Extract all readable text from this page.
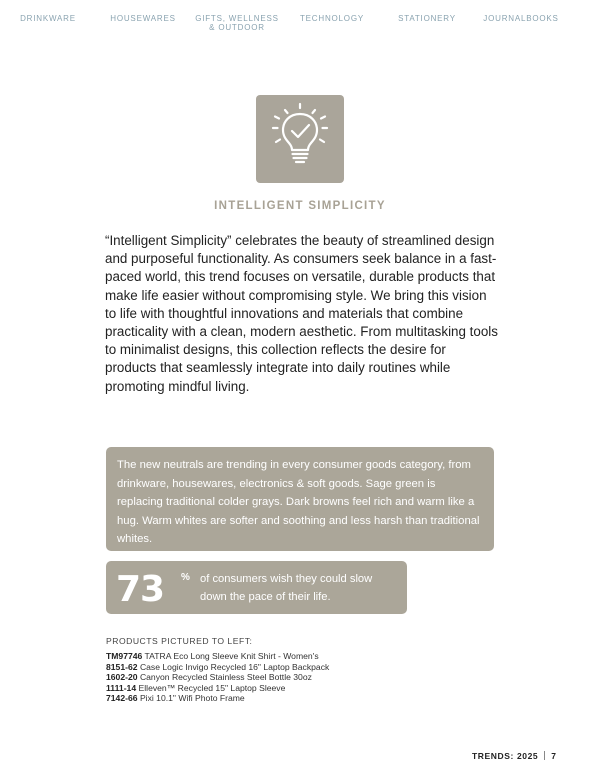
DRINKWARE	HOUSEWARES	GIFTS, WELLNESS
& OUTDOOR
TECHNOLOGY	STATIONERY	JOURNALBOOKS
INTELLIGENT SIMPLICITY
“Intelligent Simplicity” celebrates the beauty of streamlined design and purposeful functionality. As consumers seek balance in a fast-paced world, this trend focuses on versatile, durable products that make life easier without compromising style. We bring this vision to life with thoughtful innovations and materials that combine practicality with a clean, modern aesthetic. From multitasking tools to minimalist designs, this collection reflects the desire for products that seamlessly integrate into daily routines while promoting mindful living.

The new neutrals are trending in every consumer goods category, from drinkware, housewares, electronics & soft goods. Sage green is replacing traditional colder grays. Dark browns feel rich and warm like a hug. Warm whites are softer and soothing and less harsh than traditional whites.

73 % of consumers wish they could slow down the pace of their life.
PRODUCTS PICTURED TO LEFT:
TM97746 TATRA Eco Long Sleeve Knit Shirt - Women's
8151-62 Case Logic Invigo Recycled 16" Laptop Backpack
1602-20 Canyon Recycled Stainless Steel Bottle 30oz
1111-14 Elleven™ Recycled 15" Laptop Sleeve
7142-66 Pixi 10.1" Wifi Photo Frame
TRENDS: 2025 7
